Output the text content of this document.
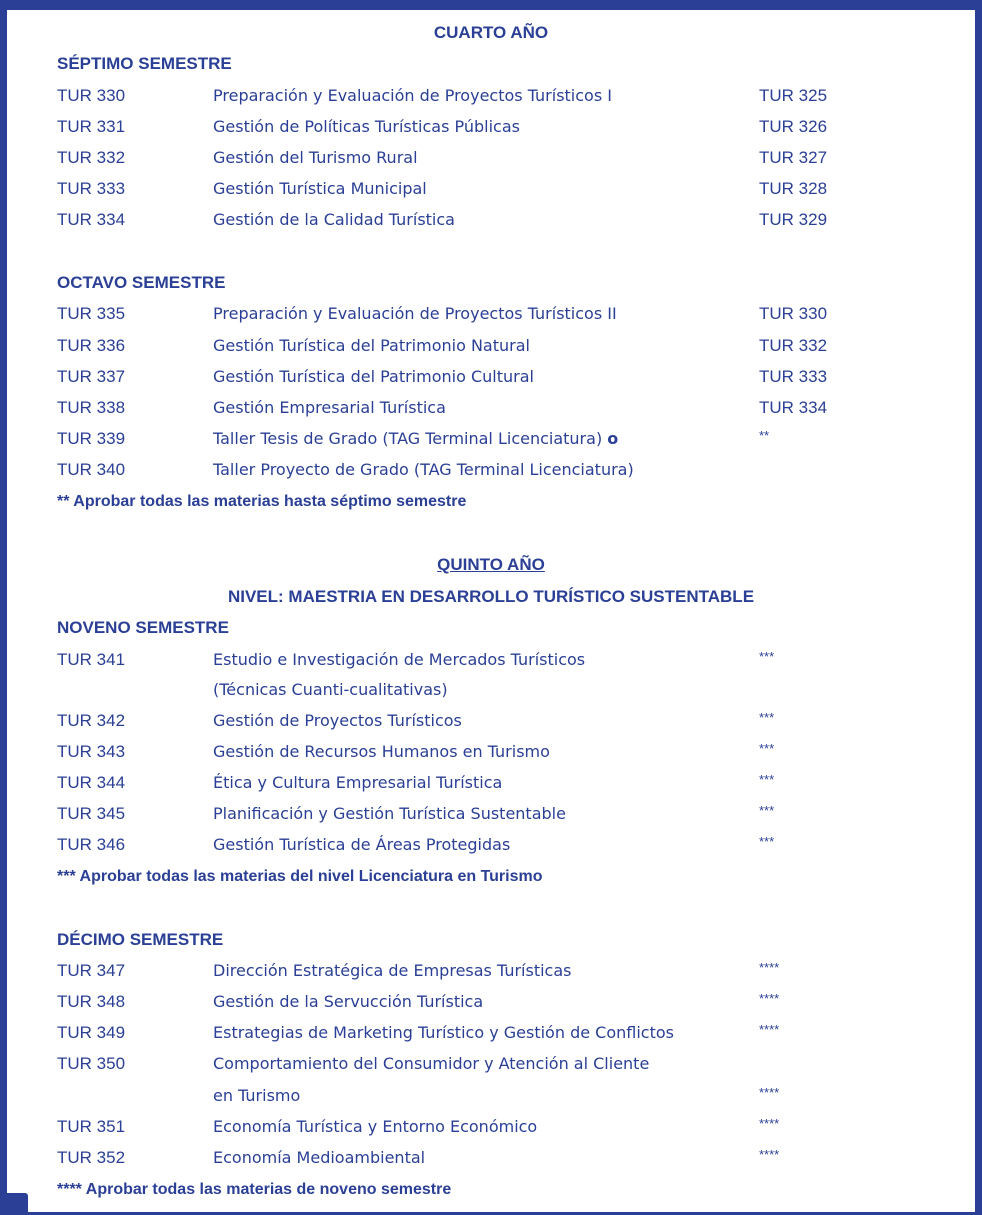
CUARTO AÑO
SÉPTIMO SEMESTRE
TUR 330	Preparación y Evaluación de Proyectos Turísticos I	TUR 325
TUR 331	Gestión de Políticas Turísticas Públicas	TUR 326
TUR 332	Gestión del Turismo Rural	TUR 327
TUR 333	Gestión Turística Municipal	TUR 328
TUR 334	Gestión de la Calidad Turística	TUR 329
OCTAVO SEMESTRE
TUR 335	Preparación y Evaluación de Proyectos Turísticos II	TUR 330
TUR 336	Gestión Turística del Patrimonio Natural	TUR 332
TUR 337	Gestión Turística del Patrimonio Cultural	TUR 333
TUR 338	Gestión Empresarial Turística	TUR 334
TUR 339	Taller Tesis de Grado (TAG Terminal Licenciatura) o	**
TUR 340	Taller Proyecto de Grado (TAG Terminal Licenciatura)
** Aprobar todas las materias hasta séptimo semestre
QUINTO AÑO
NIVEL: MAESTRIA EN DESARROLLO TURÍSTICO SUSTENTABLE
NOVENO SEMESTRE
TUR 341	Estudio e Investigación de Mercados Turísticos	***
(Técnicas Cuanti-cualitativas)
TUR 342	Gestión de Proyectos Turísticos	***
TUR 343	Gestión de Recursos Humanos en Turismo	***
TUR 344	Ética y Cultura Empresarial Turística	***
TUR 345	Planificación y Gestión Turística Sustentable	***
TUR 346	Gestión Turística de Áreas Protegidas	***
*** Aprobar todas las materias del nivel Licenciatura en Turismo
DÉCIMO SEMESTRE
TUR 347	Dirección Estratégica de Empresas Turísticas	****
TUR 348	Gestión de la Servucción Turística	****
TUR 349	Estrategias de Marketing Turístico y Gestión de Conflictos	****
TUR 350	Comportamiento del Consumidor y Atención al Cliente
en Turismo	****
TUR 351	Economía Turística y Entorno Económico	****
TUR 352	Economía Medioambiental	****
**** Aprobar todas las materias de noveno semestre
